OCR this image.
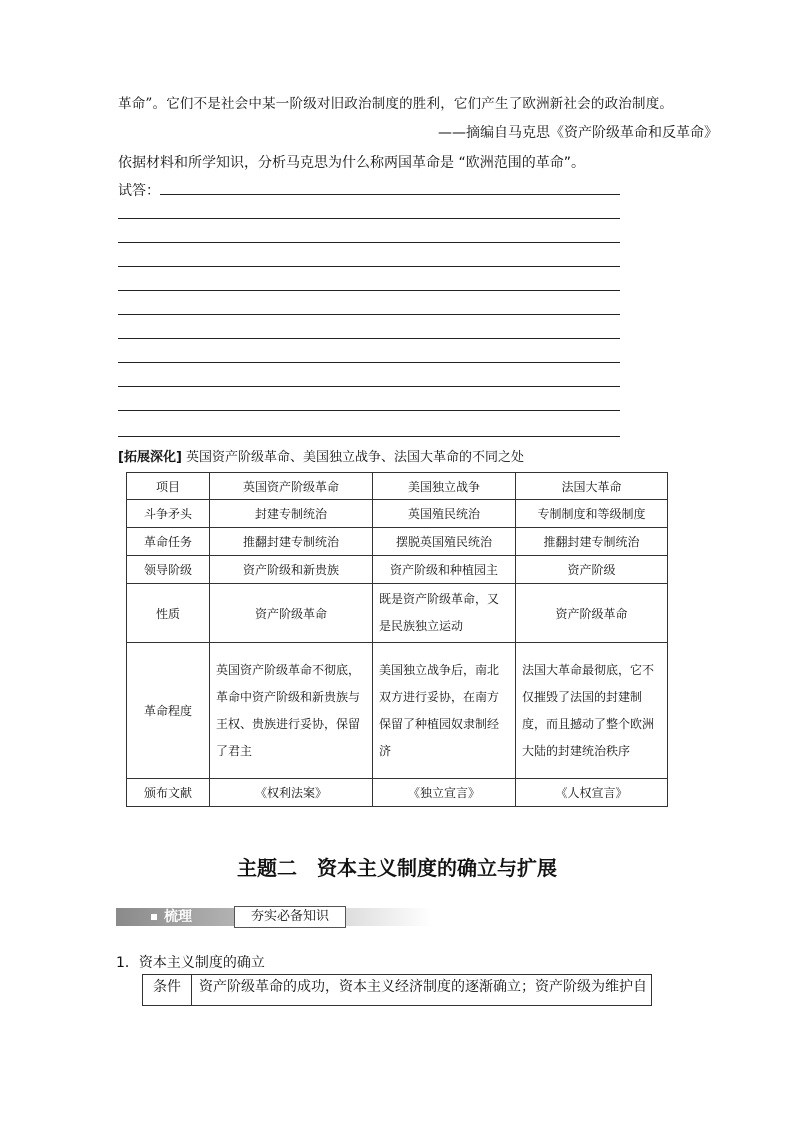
革命”。它们不是社会中某一阶级对旧政治制度的胜利，它们产生了欧洲新社会的政治制度。
——摘编自马克思《资产阶级革命和反革命》
依据材料和所学知识，分析马克思为什么称两国革命是 “欧洲范围的革命”。
试答：
[拓展深化] 英国资产阶级革命、美国独立战争、法国大革命的不同之处
项目	英国资产阶级革命	美国独立战争	法国大革命
斗争矛头	封建专制统治	英国殖民统治	专制制度和等级制度
革命任务	推翻封建专制统治	摆脱英国殖民统治	推翻封建专制统治
领导阶级	资产阶级和新贵族	资产阶级和种植园主	资产阶级
性质	资产阶级革命	既是资产阶级革命，又是民族独立运动	资产阶级革命
革命程度	英国资产阶级革命不彻底，革命中资产阶级和新贵族与王权、贵族进行妥协，保留了君主	美国独立战争后，南北双方进行妥协，在南方保留了种植园奴隶制经济	法国大革命最彻底，它不仅摧毁了法国的封建制度，而且撼动了整个欧洲大陆的封建统治秩序
颁布文献	《权利法案》	《独立宣言》	《人权宣言》
主题二　资本主义制度的确立与扩展
梳理	夯实必备知识
1．资本主义制度的确立
条件	资产阶级革命的成功，资本主义经济制度的逐渐确立；资产阶级为维护自
